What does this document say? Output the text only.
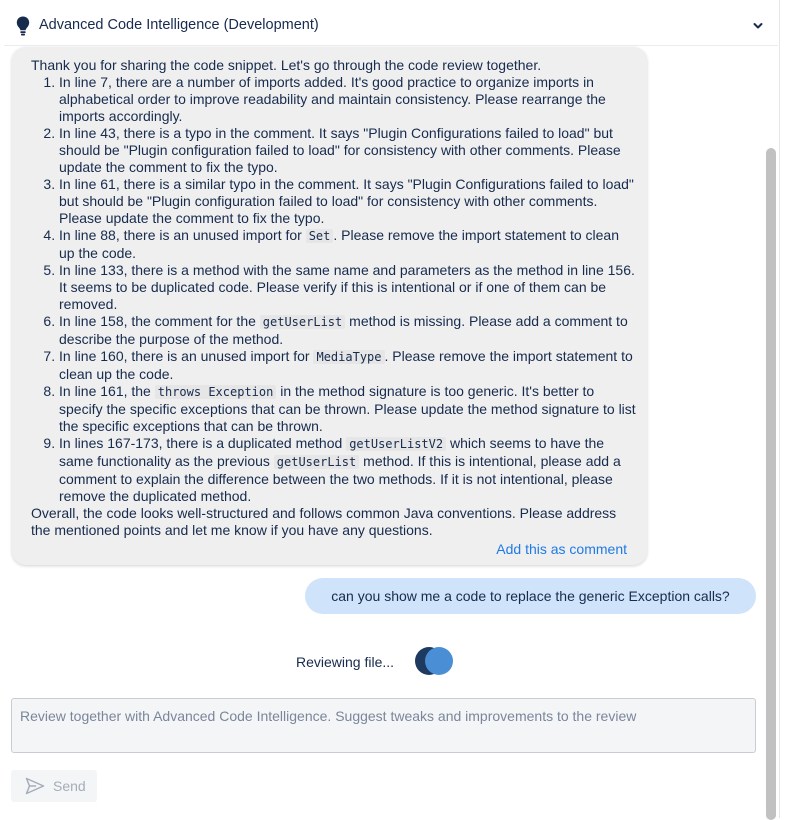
Advanced Code Intelligence (Development)

Thank you for sharing the code snippet. Let's go through the code review together.

1. In line 7, there are a number of imports added. It's good practice to organize imports in alphabetical order to improve readability and maintain consistency. Please rearrange the imports accordingly.
2. In line 43, there is a typo in the comment. It says "Plugin Configurations failed to load" but should be "Plugin configuration failed to load" for consistency with other comments. Please update the comment to fix the typo.
3. In line 61, there is a similar typo in the comment. It says "Plugin Configurations failed to load" but should be "Plugin configuration failed to load" for consistency with other comments. Please update the comment to fix the typo.
4. In line 88, there is an unused import for Set . Please remove the import statement to clean up the code.
5. In line 133, there is a method with the same name and parameters as the method in line 156. It seems to be duplicated code. Please verify if this is intentional or if one of them can be removed.
6. In line 158, the comment for the getUserList method is missing. Please add a comment to describe the purpose of the method.
7. In line 160, there is an unused import for MediaType . Please remove the import statement to clean up the code.
8. In line 161, the throws Exception in the method signature is too generic. It's better to specify the specific exceptions that can be thrown. Please update the method signature to list the specific exceptions that can be thrown.
9. In lines 167-173, there is a duplicated method getUserListV2 which seems to have the same functionality as the previous getUserList method. If this is intentional, please add a comment to explain the difference between the two methods. If it is not intentional, please remove the duplicated method.

Overall, the code looks well-structured and follows common Java conventions. Please address the mentioned points and let me know if you have any questions.

Add this as comment
can you show me a code to replace the generic Exception calls?
Reviewing file...
Review together with Advanced Code Intelligence. Suggest tweaks and improvements to the review
Send
